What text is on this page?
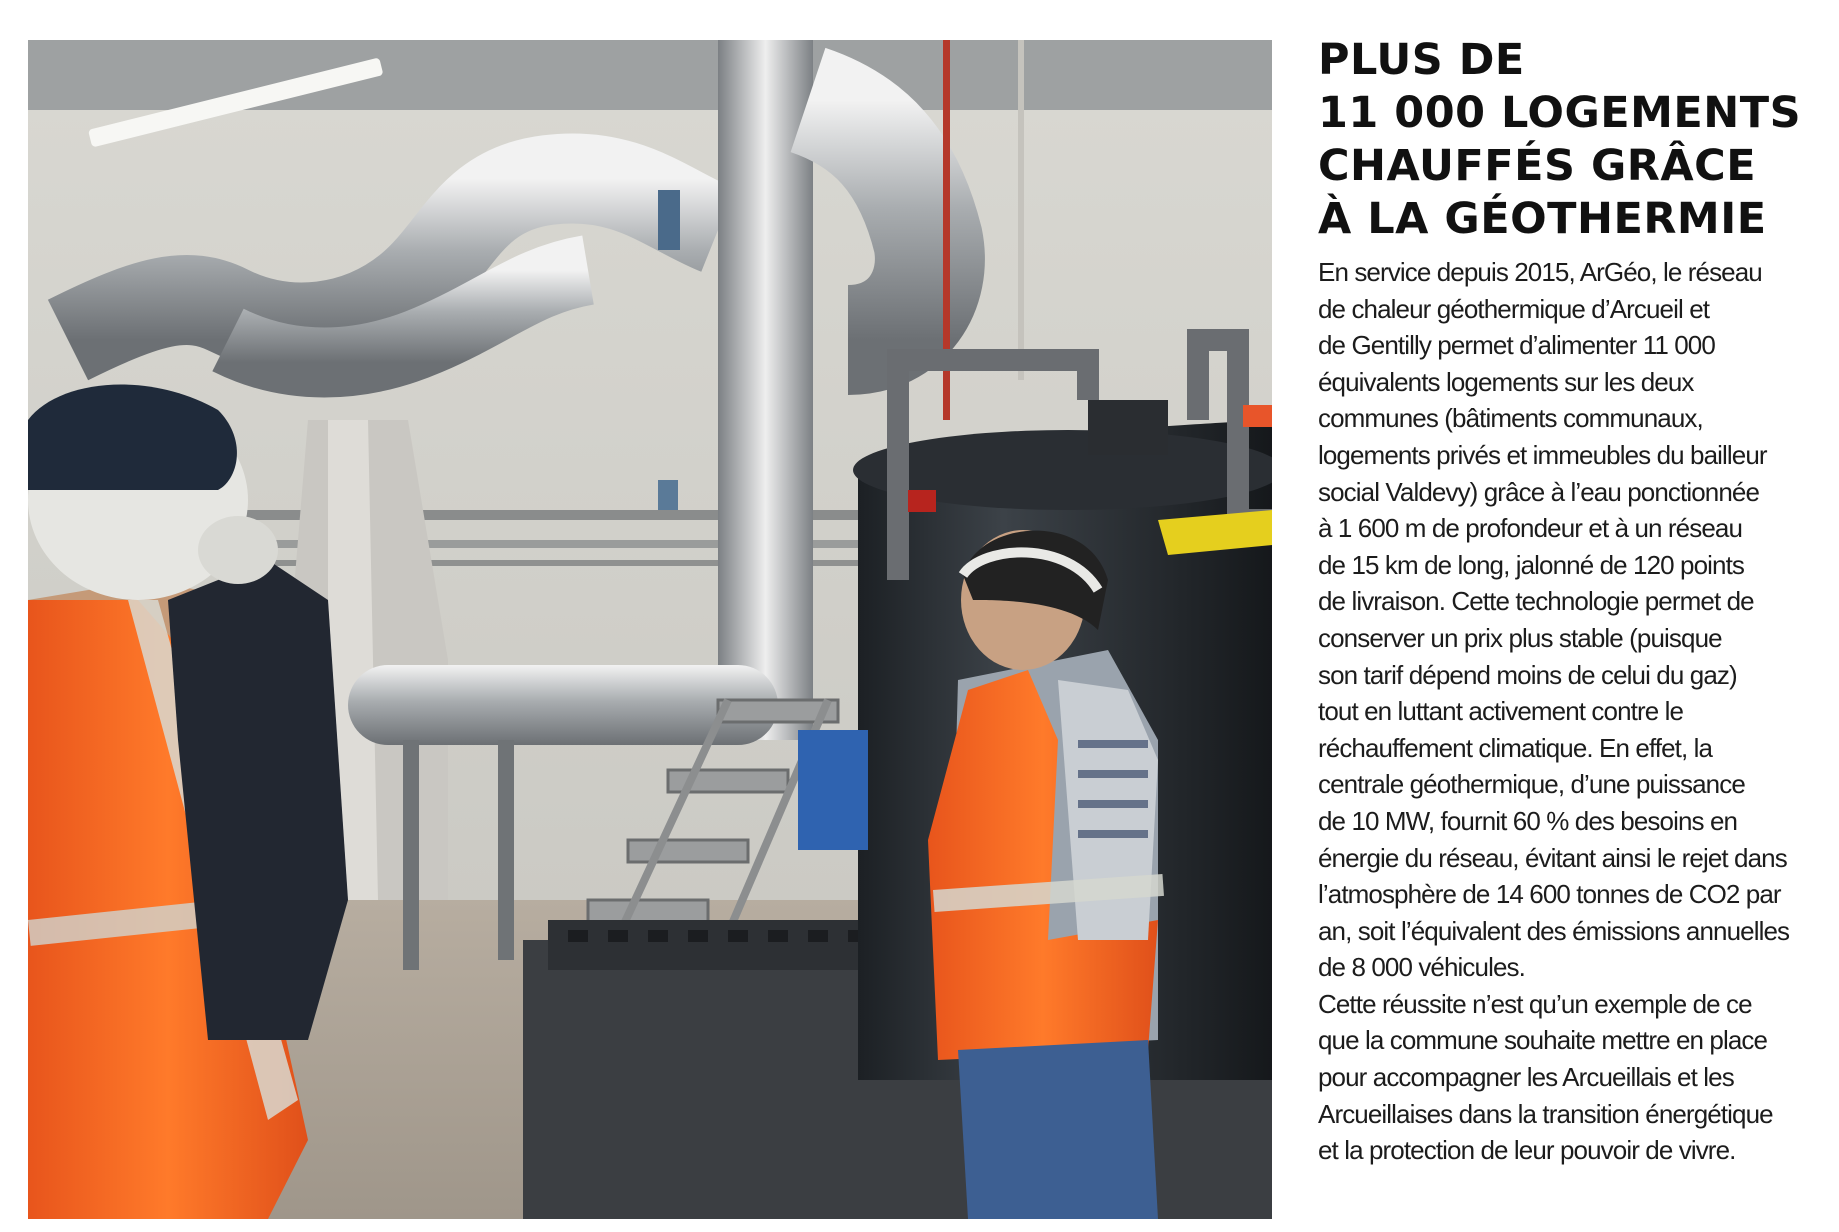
PLUS DE
11 000 LOGEMENTS
CHAUFFÉS GRÂCE
À LA GÉOTHERMIE
En service depuis 2015, ArGéo, le réseau
de chaleur géothermique d’Arcueil et
de Gentilly permet d’alimenter 11 000
équivalents logements sur les deux
communes (bâtiments communaux,
logements privés et immeubles du bailleur
social Valdevy) grâce à l’eau ponctionnée
à 1 600 m de profondeur et à un réseau
de 15 km de long, jalonné de 120 points
de livraison. Cette technologie permet de
conserver un prix plus stable (puisque
son tarif dépend moins de celui du gaz)
tout en luttant activement contre le
réchauffement climatique. En effet, la
centrale géothermique, d’une puissance
de 10 MW, fournit 60 % des besoins en
énergie du réseau, évitant ainsi le rejet dans
l’atmosphère de 14 600 tonnes de CO2 par
an, soit l’équivalent des émissions annuelles
de 8 000 véhicules.
Cette réussite n’est qu’un exemple de ce
que la commune souhaite mettre en place
pour accompagner les Arcueillais et les
Arcueillaises dans la transition énergétique
et la protection de leur pouvoir de vivre.
